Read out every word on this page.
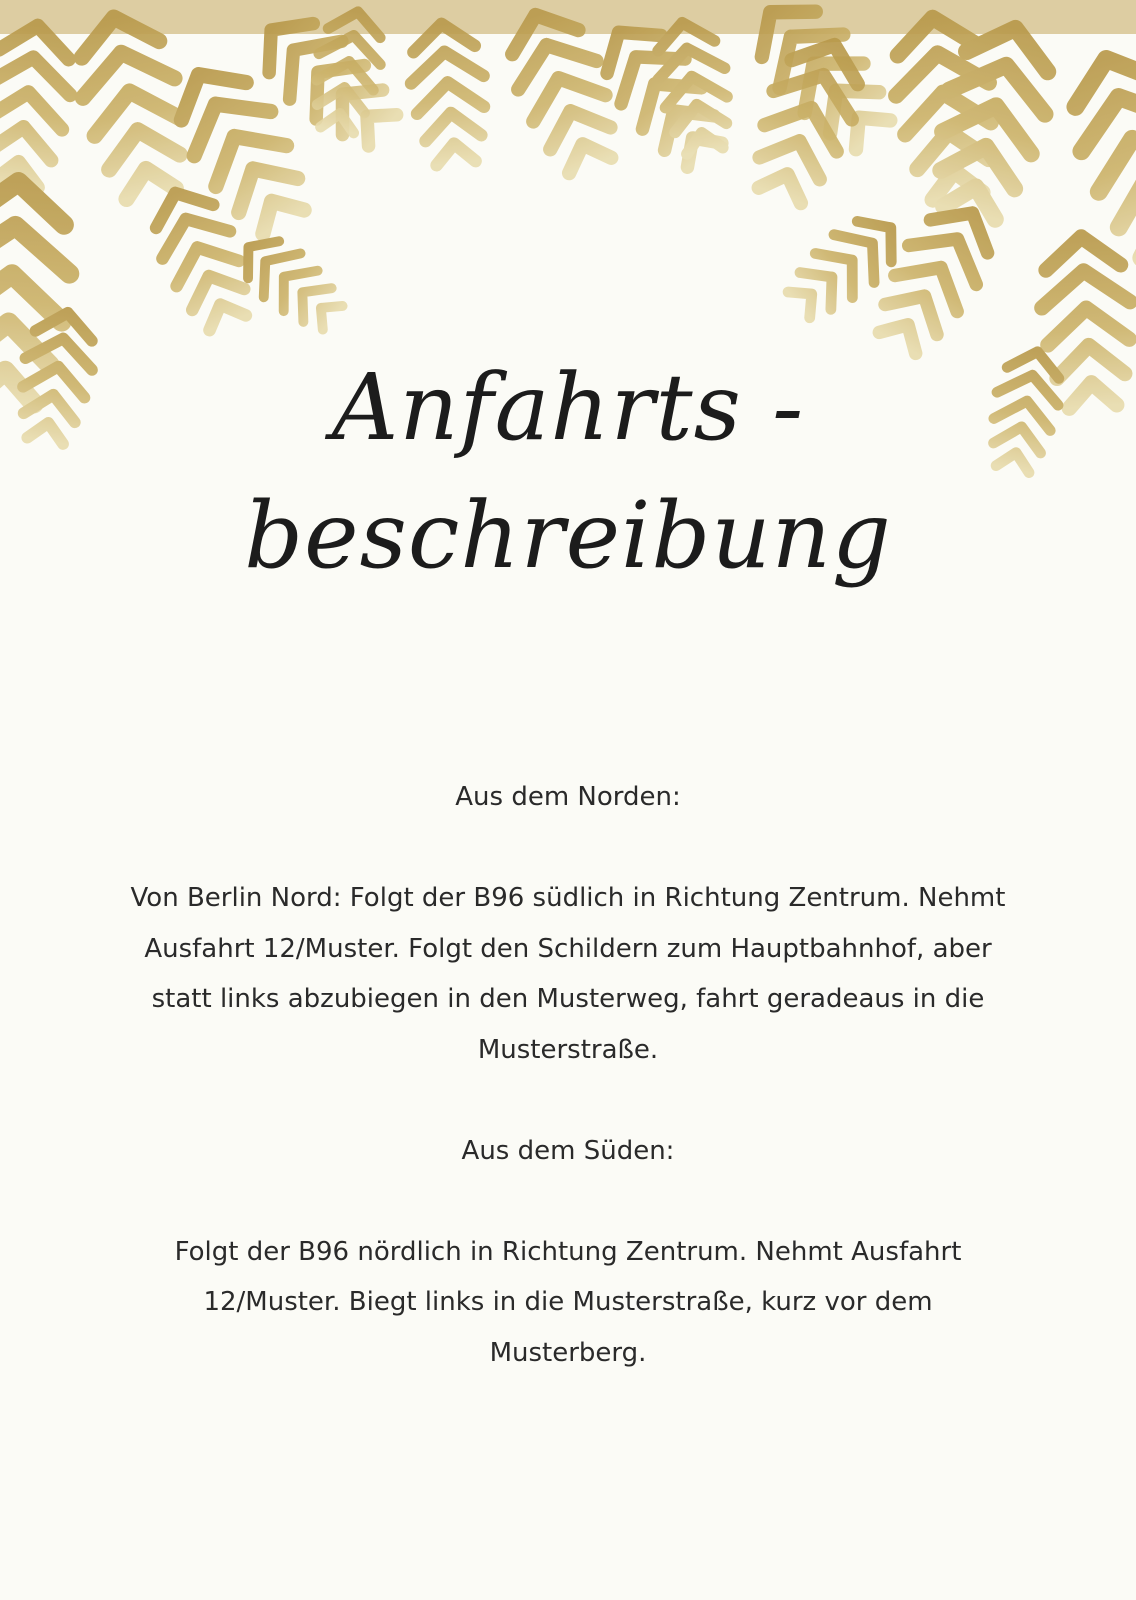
Anfahrts -
beschreibung

Aus dem Norden:

Von Berlin Nord: Folgt der B96 südlich in Richtung Zentrum. Nehmt Ausfahrt 12/Muster. Folgt den Schildern zum Hauptbahnhof, aber statt links abzubiegen in den Musterweg, fahrt geradeaus in die Musterstraße.

Aus dem Süden:

Folgt der B96 nördlich in Richtung Zentrum. Nehmt Ausfahrt 12/Muster. Biegt links in die Musterstraße, kurz vor dem Musterberg.
